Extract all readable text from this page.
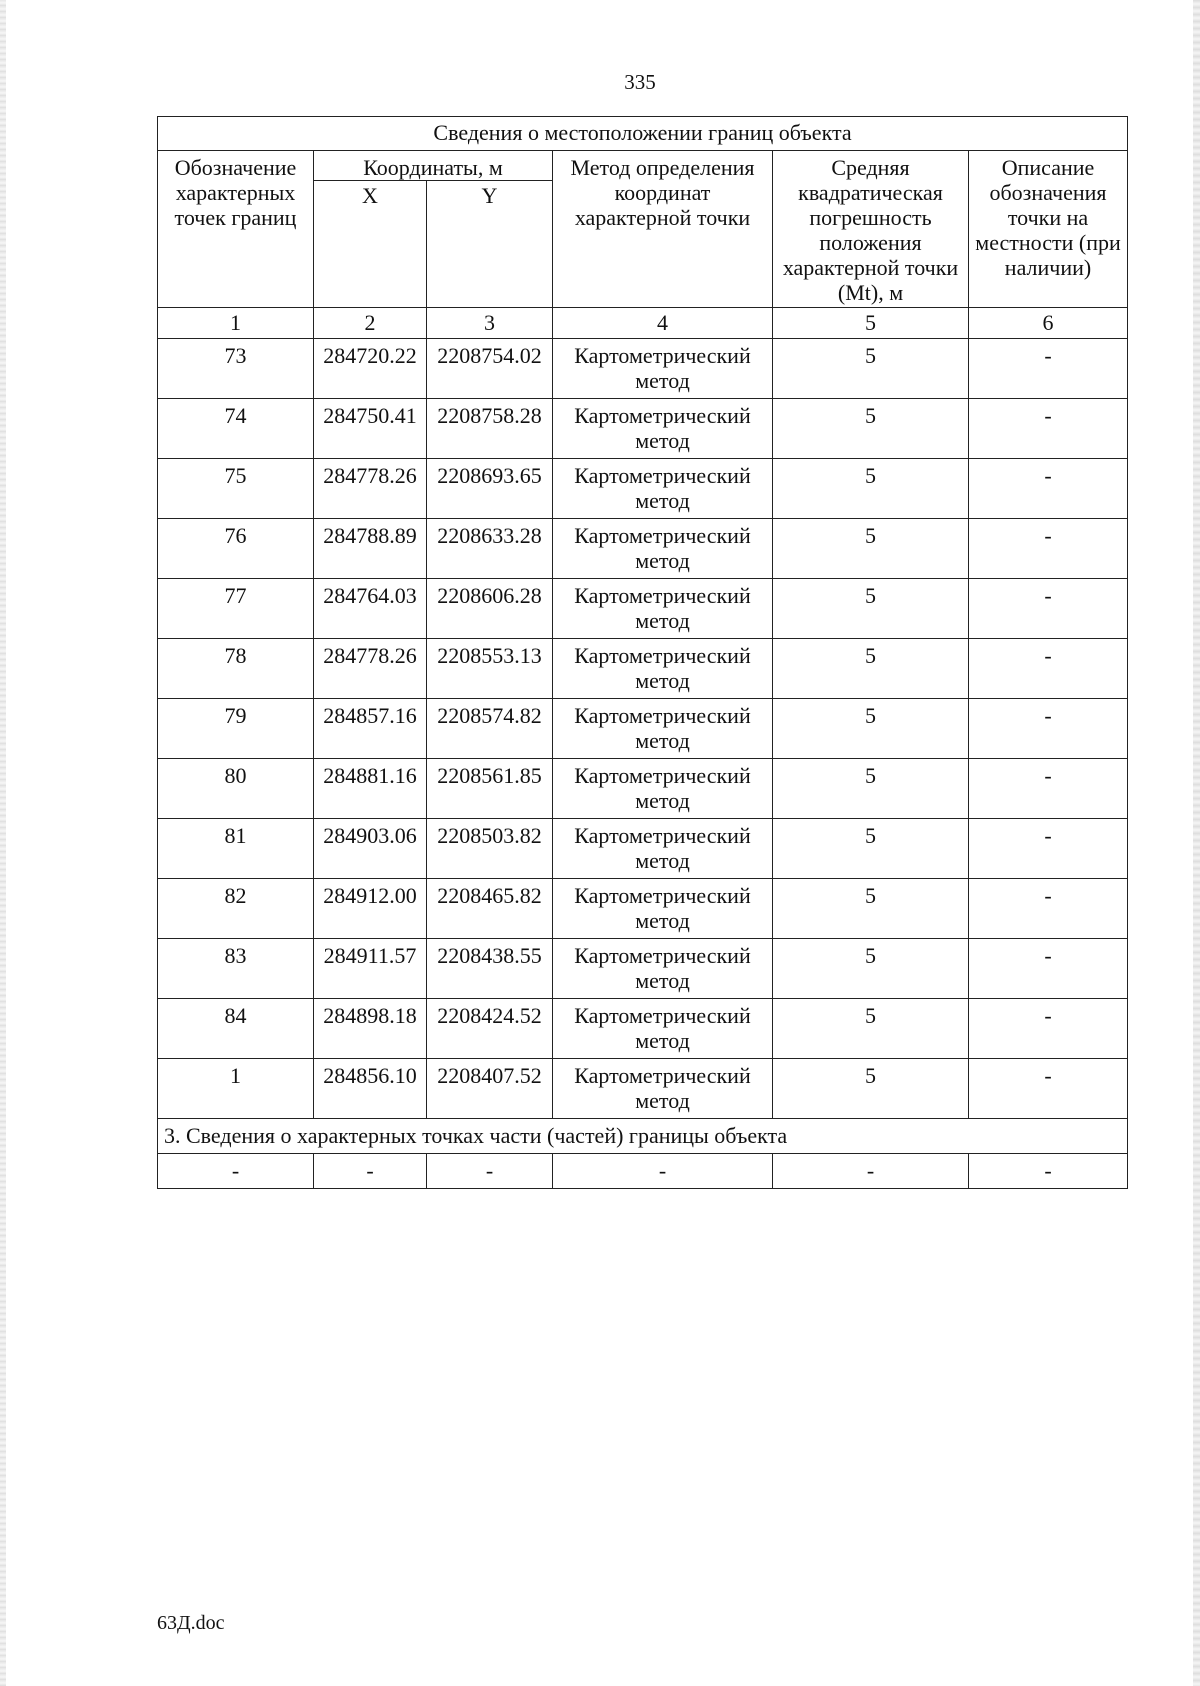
335
Сведения о местоположении границ объекта					
Обозначение характерных точек границ	Координаты, м		Метод определения координат характерной точки	Средняя квадратическая погрешность положения характерной точки (Mt), м	Описание обозначения точки на местности (при наличии)
	X	Y			
1	2	3	4	5	6
73	284720.22	2208754.02	Картометрический метод	5	-
74	284750.41	2208758.28	Картометрический метод	5	-
75	284778.26	2208693.65	Картометрический метод	5	-
76	284788.89	2208633.28	Картометрический метод	5	-
77	284764.03	2208606.28	Картометрический метод	5	-
78	284778.26	2208553.13	Картометрический метод	5	-
79	284857.16	2208574.82	Картометрический метод	5	-
80	284881.16	2208561.85	Картометрический метод	5	-
81	284903.06	2208503.82	Картометрический метод	5	-
82	284912.00	2208465.82	Картометрический метод	5	-
83	284911.57	2208438.55	Картометрический метод	5	-
84	284898.18	2208424.52	Картометрический метод	5	-
1	284856.10	2208407.52	Картометрический метод	5	-
3. Сведения о характерных точках части (частей) границы объекта					
-	-	-	-	-	-
63Д.doc
